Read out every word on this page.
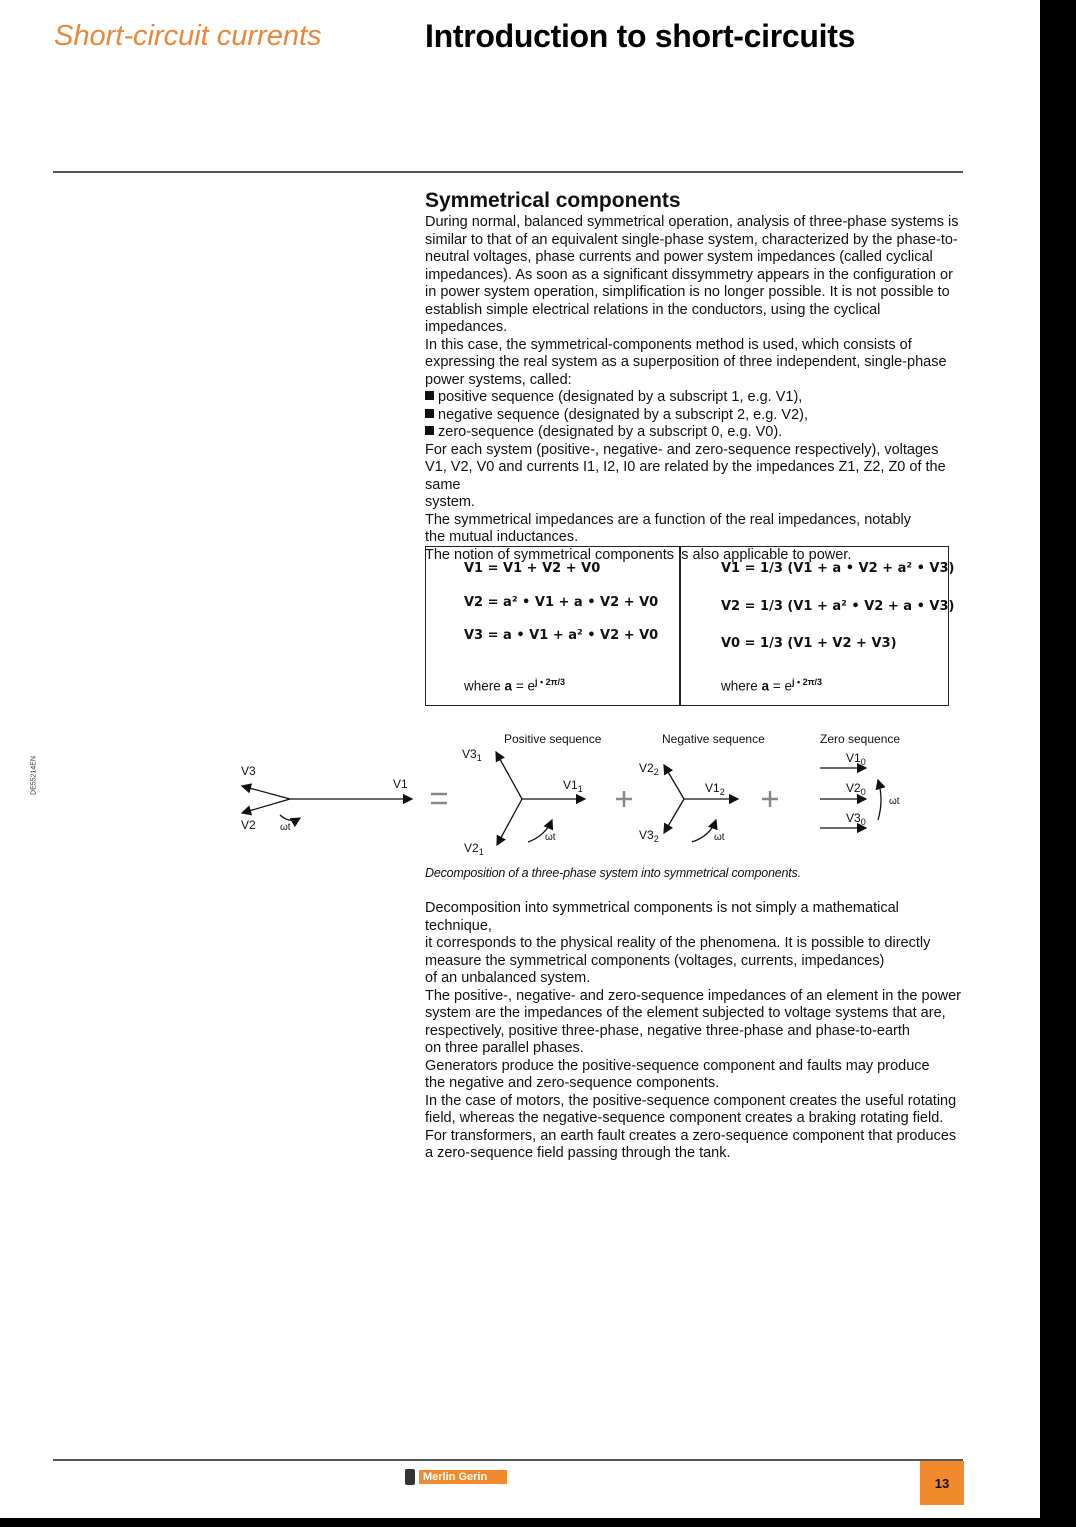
Short-circuit currents	Introduction to short-circuits
DE55214EN
Symmetrical components

During normal, balanced symmetrical operation, analysis of three-phase systems is

similar to that of an equivalent single-phase system, characterized by the phase-to-

neutral voltages, phase currents and power system impedances (called cyclical

impedances). As soon as a significant dissymmetry appears in the configuration or

in power system operation, simplification is no longer possible. It is not possible to

establish simple electrical relations in the conductors, using the cyclical impedances.

In this case, the symmetrical-components method is used, which consists of

expressing the real system as a superposition of three independent, single-phase

power systems, called:

positive sequence (designated by a subscript 1, e.g. V1),

negative sequence (designated by a subscript 2, e.g. V2),

zero-sequence (designated by a subscript 0, e.g. V0).

For each system (positive-, negative- and zero-sequence respectively), voltages

V1, V2, V0 and currents I1, I2, I0 are related by the impedances Z1, Z2, Z0 of the same

system.

The symmetrical impedances are a function of the real impedances, notably

the mutual inductances.

The notion of symmetrical components is also applicable to power.

V1 = V1 + V2 + V0
V2 = a² • V1 + a • V2 + V0
V3 = a • V1 + a² • V2 + V0
where $a = e^{j • 2\pi/3}$
V1 = 1/3 (V1 + a • V2 + a² • V3)
V2 = 1/3 (V1 + a² • V2 + a • V3)
V0 = 1/3 (V1 + V2 + V3)
where $a = e^{j • 2\pi/3}$
V3
V1
V2 ωt
Positive sequence
$V3_1$
$V1_1$
$V2_1$
ωt
Negative sequence
$V2_2$
$V1_2$
$V3_2$	ωt
Zero sequence
$V1_0$
$V2_0$
$V3_0$
ωt
Decomposition of a three-phase system into symmetrical components.

Decomposition into symmetrical components is not simply a mathematical technique,

it corresponds to the physical reality of the phenomena. It is possible to directly

measure the symmetrical components (voltages, currents, impedances)

of an unbalanced system.

The positive-, negative- and zero-sequence impedances of an element in the power

system are the impedances of the element subjected to voltage systems that are,

respectively, positive three-phase, negative three-phase and phase-to-earth

on three parallel phases.

Generators produce the positive-sequence component and faults may produce

the negative and zero-sequence components.

In the case of motors, the positive-sequence component creates the useful rotating

field, whereas the negative-sequence component creates a braking rotating field.

For transformers, an earth fault creates a zero-sequence component that produces

a zero-sequence field passing through the tank.

Merlin Gerin	13
